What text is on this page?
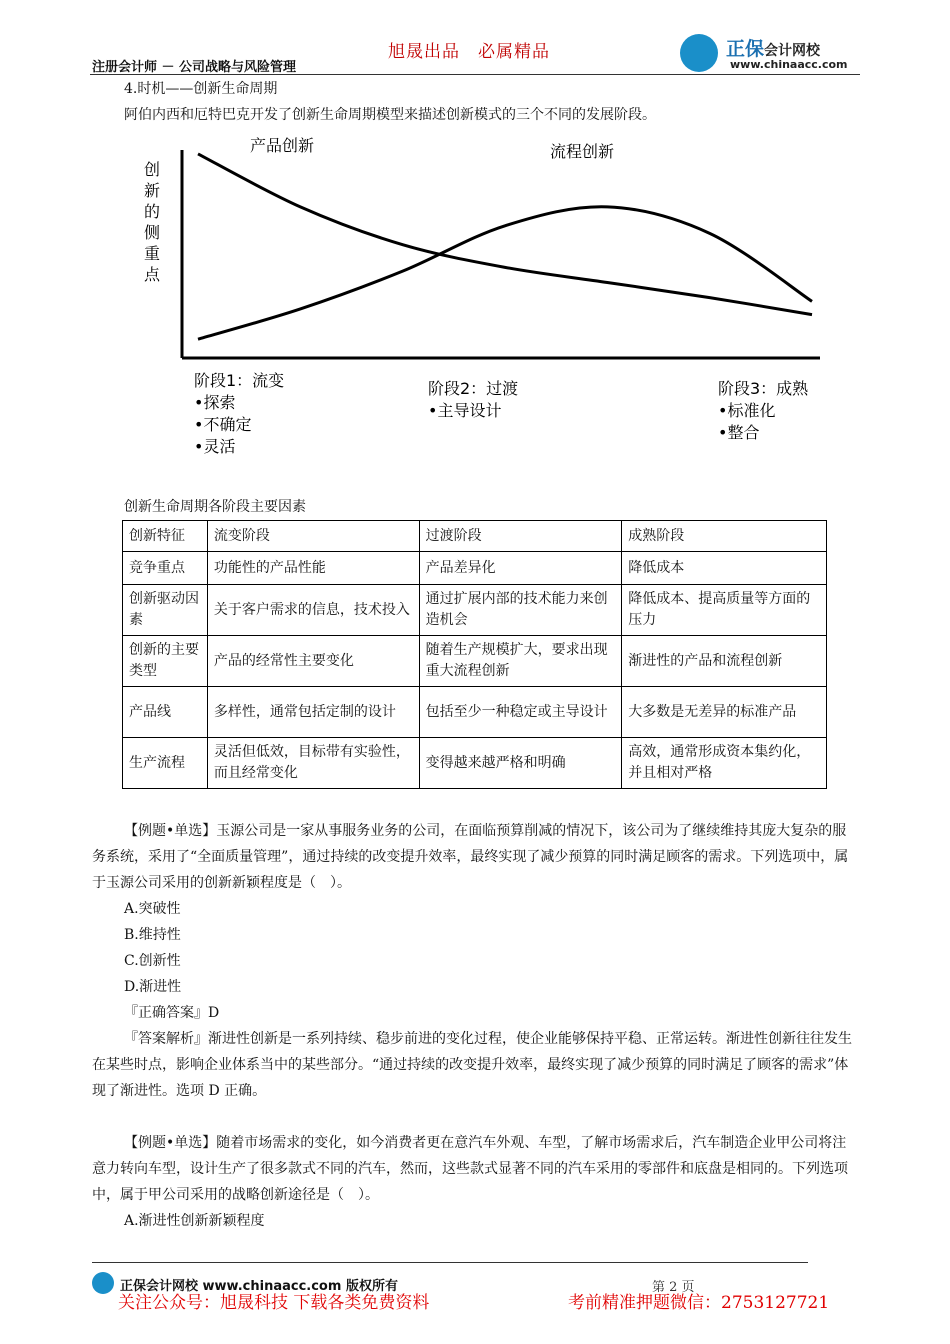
旭晟出品　必属精品
注册会计师 － 公司战略与风险管理
正保会计网校
www.chinaacc.com
4.时机——创新生命周期
阿伯内西和厄特巴克开发了创新生命周期模型来描述创新模式的三个不同的发展阶段。
创
新
的
侧
重
点
产品创新	流程创新
阶段1：流变
•探索
•不确定
•灵活
阶段2：过渡
•主导设计
阶段3：成熟
•标准化
•整合
创新生命周期各阶段主要因素
创新特征	流变阶段	过渡阶段	成熟阶段
竞争重点	功能性的产品性能	产品差异化	降低成本
创新驱动因素	关于客户需求的信息，技术投入	通过扩展内部的技术能力来创造机会	降低成本、提高质量等方面的压力
创新的主要类型	产品的经常性主要变化	随着生产规模扩大，要求出现重大流程创新	渐进性的产品和流程创新
产品线	多样性，通常包括定制的设计	包括至少一种稳定或主导设计	大多数是无差异的标准产品
生产流程	灵活但低效，目标带有实验性，而且经常变化	变得越来越严格和明确	高效，通常形成资本集约化，并且相对严格

【例题•单选】玉源公司是一家从事服务业务的公司，在面临预算削减的情况下，该公司为了继续维持其庞大复杂的服务系统，采用了“全面质量管理”，通过持续的改变提升效率，最终实现了减少预算的同时满足顾客的需求。下列选项中，属于玉源公司采用的创新新颖程度是（　）。

A.突破性

B.维持性

C.创新性

D.渐进性

『正确答案』D

『答案解析』渐进性创新是一系列持续、稳步前进的变化过程，使企业能够保持平稳、正常运转。渐进性创新往往发生在某些时点，影响企业体系当中的某些部分。“通过持续的改变提升效率，最终实现了减少预算的同时满足了顾客的需求”体现了渐进性。选项 D 正确。

【例题•单选】随着市场需求的变化，如今消费者更在意汽车外观、车型，了解市场需求后，汽车制造企业甲公司将注意力转向车型，设计生产了很多款式不同的汽车，然而，这些款式显著不同的汽车采用的零部件和底盘是相同的。下列选项中，属于甲公司采用的战略创新途径是（　）。

A.渐进性创新新颖程度

正保会计网校 www.chinaacc.com 版权所有	第 2 页
关注公众号：旭晟科技 下载各类免费资料	考前精准押题微信：2753127721
